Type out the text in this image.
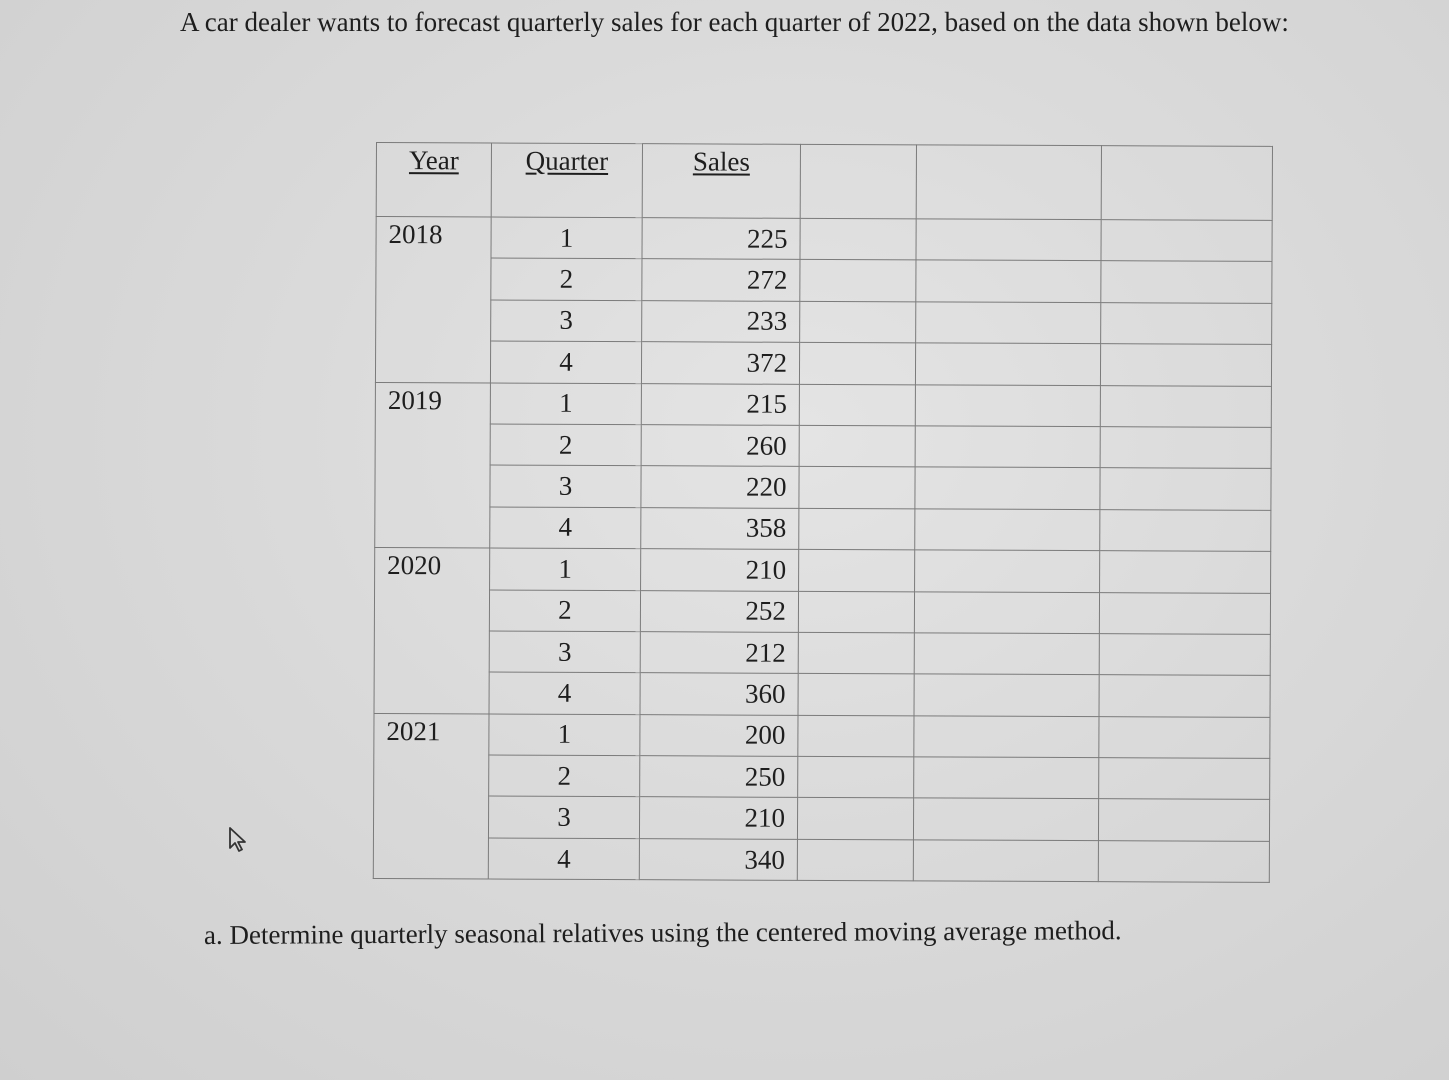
A car dealer wants to forecast quarterly sales for each quarter of 2022, based on the data shown below:

Year	Quarter	Sales			
2018	1	225			
	2	272			
	3	233			
	4	372			
2019	1	215			
	2	260			
	3	220			
	4	358			
2020	1	210			
	2	252			
	3	212			
	4	360			
2021	1	200			
	2	250			
	3	210			
	4	340			

a. Determine quarterly seasonal relatives using the centered moving average method.
